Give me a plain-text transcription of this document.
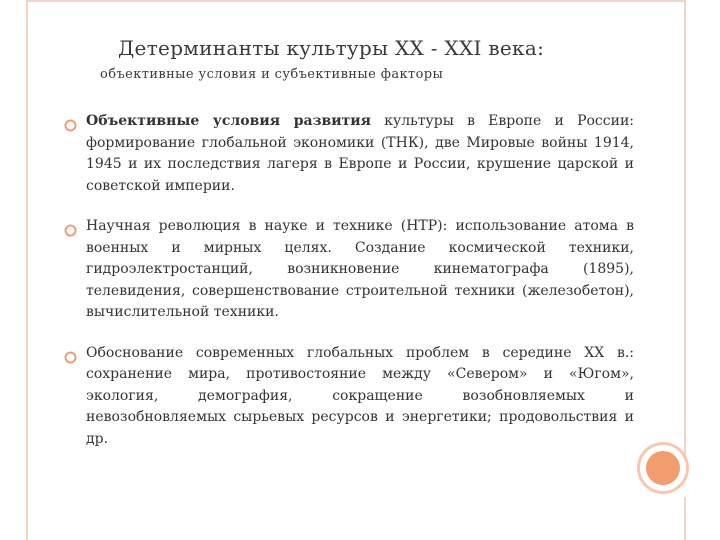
Детерминанты культуры XX - XXI века:
объективные условия и субъективные факторы
Объективные условия развития культуры в Европе и России: формирование глобальной экономики (ТНК), две Мировые войны 1914, 1945 и их последствия лагеря в Европе и России, крушение царской и советской империи.
Научная революция в науке и технике (НТР): использование атома в военных и мирных целях. Создание космической техники, гидроэлектростанций, возникновение кинематографа (1895), телевидения, совершенствование строительной техники (железобетон), вычислительной техники.
Обоснование современных глобальных проблем в середине XX в.: сохранение мира, противостояние между «Севером» и «Югом», экология, демография, сокращение возобновляемых и невозобновляемых сырьевых ресурсов и энергетики; продовольствия и др.
